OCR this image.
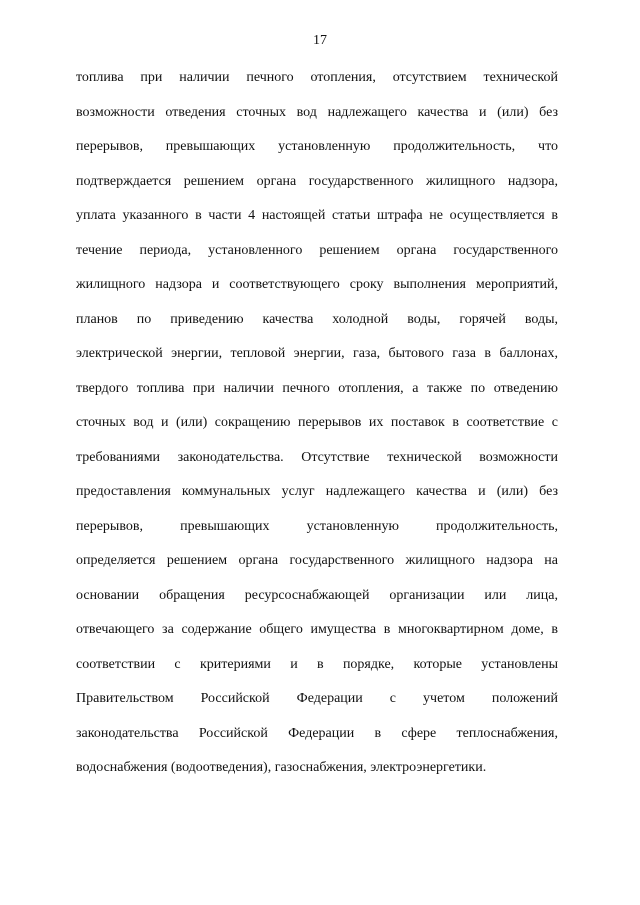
17
топлива при наличии печного отопления, отсутствием технической
возможности отведения сточных вод надлежащего качества и (или) без
перерывов, превышающих установленную продолжительность, что
подтверждается решением органа государственного жилищного надзора,
уплата указанного в части 4 настоящей статьи штрафа не осуществляется в
течение периода, установленного решением органа государственного
жилищного надзора и соответствующего сроку выполнения мероприятий,
планов по приведению качества холодной воды, горячей воды,
электрической энергии, тепловой энергии, газа, бытового газа в баллонах,
твердого топлива при наличии печного отопления, а также по отведению
сточных вод и (или) сокращению перерывов их поставок в соответствие с
требованиями законодательства. Отсутствие технической возможности
предоставления коммунальных услуг надлежащего качества и (или) без
перерывов, превышающих установленную продолжительность,
определяется решением органа государственного жилищного надзора на
основании обращения ресурсоснабжающей организации или лица,
отвечающего за содержание общего имущества в многоквартирном доме, в
соответствии с критериями и в порядке, которые установлены
Правительством Российской Федерации с учетом положений
законодательства Российской Федерации в сфере теплоснабжения,
водоснабжения (водоотведения), газоснабжения, электроэнергетики.
